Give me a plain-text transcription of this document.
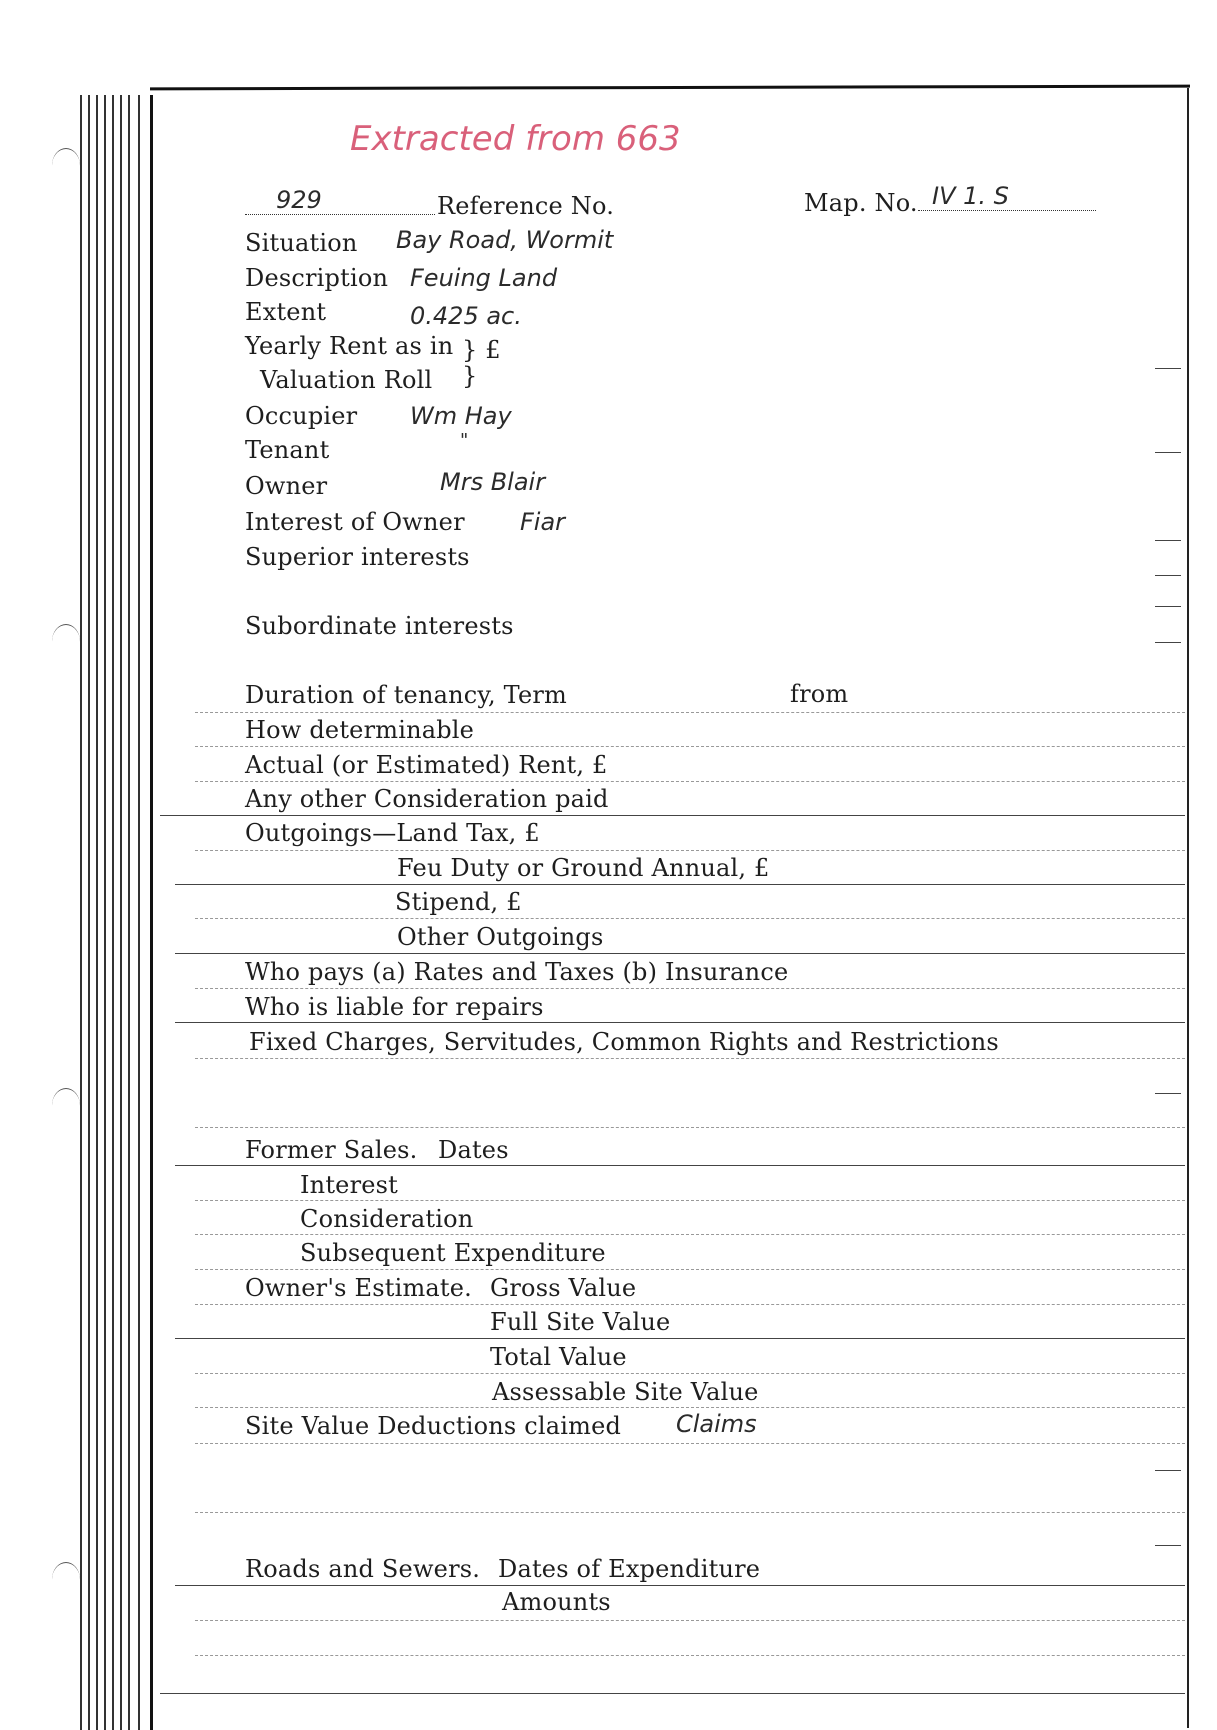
Extracted from 663
929	Reference No.	Map. No. IV 1. S
Situation Bay Road, Wormit
Description Feuing Land
Extent	0.425 ac.
Yearly Rent as in } £
Valuation Roll }
Occupier Wm Hay
Tenant	"
Owner	Mrs Blair
Interest of Owner Fiar
Superior interests
Subordinate interests
Duration of tenancy, Term	from
How determinable
Actual (or Estimated) Rent, £
Any other Consideration paid
Outgoings—Land Tax, £
Feu Duty or Ground Annual, £
Stipend, £
Other Outgoings
Who pays (a) Rates and Taxes (b) Insurance
Who is liable for repairs
Fixed Charges, Servitudes, Common Rights and Restrictions
Former Sales. Dates
Interest
Consideration
Subsequent Expenditure
Owner's Estimate. Gross Value
Full Site Value
Total Value
Assessable Site Value
Site Value Deductions claimed Claims
Roads and Sewers. Dates of Expenditure
Amounts
